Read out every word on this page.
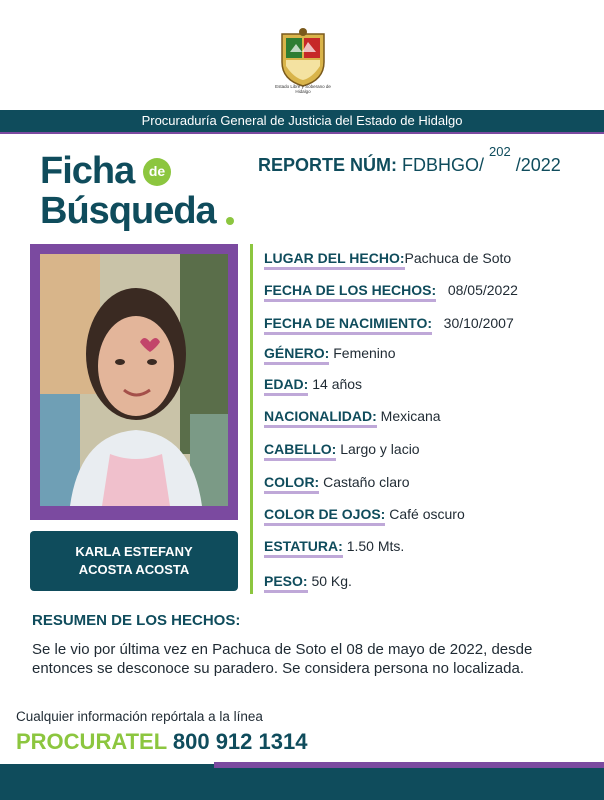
Estado Libre y Soberano de Hidalgo
Procuraduría General de Justicia del Estado de Hidalgo
Ficha	de
Búsqueda
REPORTE NÚM: FDBHGO/ $^{202}$ /2022
KARLA ESTEFANY
ACOSTA ACOSTA
LUGAR DEL HECHO:Pachuca de Soto
FECHA DE LOS HECHOS: 08/05/2022
FECHA DE NACIMIENTO: 30/10/2007
GÉNERO: Femenino
EDAD: 14 años
NACIONALIDAD: Mexicana
CABELLO: Largo y lacio
COLOR: Castaño claro
COLOR DE OJOS: Café oscuro
ESTATURA: 1.50 Mts.
PESO: 50 Kg.
RESUMEN DE LOS HECHOS:
Se le vio por última vez en Pachuca de Soto el 08 de mayo de 2022, desde entonces se desconoce su paradero. Se considera persona no localizada.
Cualquier información repórtala a la línea
PROCURATEL 800 912 1314
